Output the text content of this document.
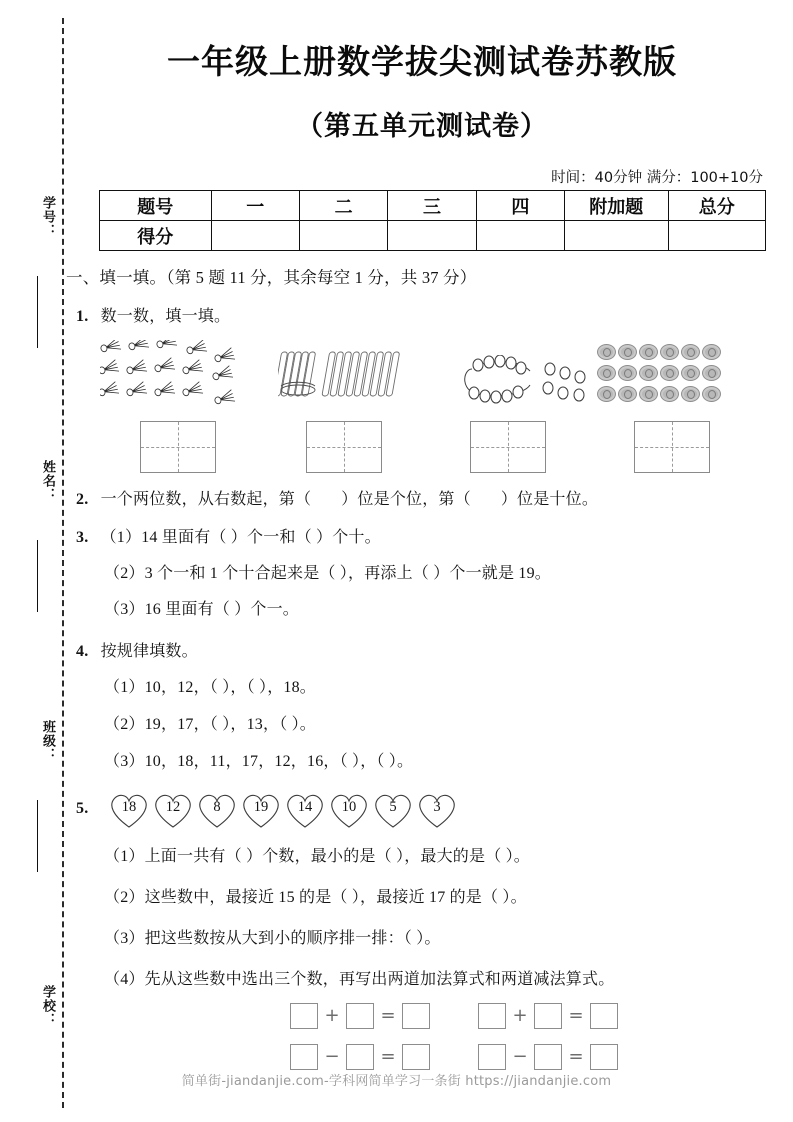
学号：
姓名：
班级：
学校：
一年级上册数学拔尖测试卷苏教版
（第五单元测试卷）
时间：40分钟 满分：100+10分
题号	一	二	三	四	附加题	总分
得分						
一、填一填。（第 5 题 11 分，其余每空 1 分，共 37 分）
1. 数一数，填一填。
2. 一个两位数，从右数起，第（ ）位是个位，第（ ）位是十位。
3. （1）14 里面有（ ）个一和（ ）个十。
（2）3 个一和 1 个十合起来是（ ），再添上（ ）个一就是 19。
（3）16 里面有（ ）个一。
4. 按规律填数。
（1）10，12，（ ），（ ），18。
（2）19，17，（ ），13，（ ）。
（3）10，18，11，17，12，16，（ ），（ ）。
5.	18	12	8	19	14	10	5	3
（1）上面一共有（ ）个数，最小的是（ ），最大的是（ ）。
（2）这些数中，最接近 15 的是（ ），最接近 17 的是（ ）。
（3）把这些数按从大到小的顺序排一排：（ ）。
（4）先从这些数中选出三个数，再写出两道加法算式和两道减法算式。
+ =	+ =
− =	− =
简单街-jiandanjie.com-学科网简单学习一条街 https://jiandanjie.com
